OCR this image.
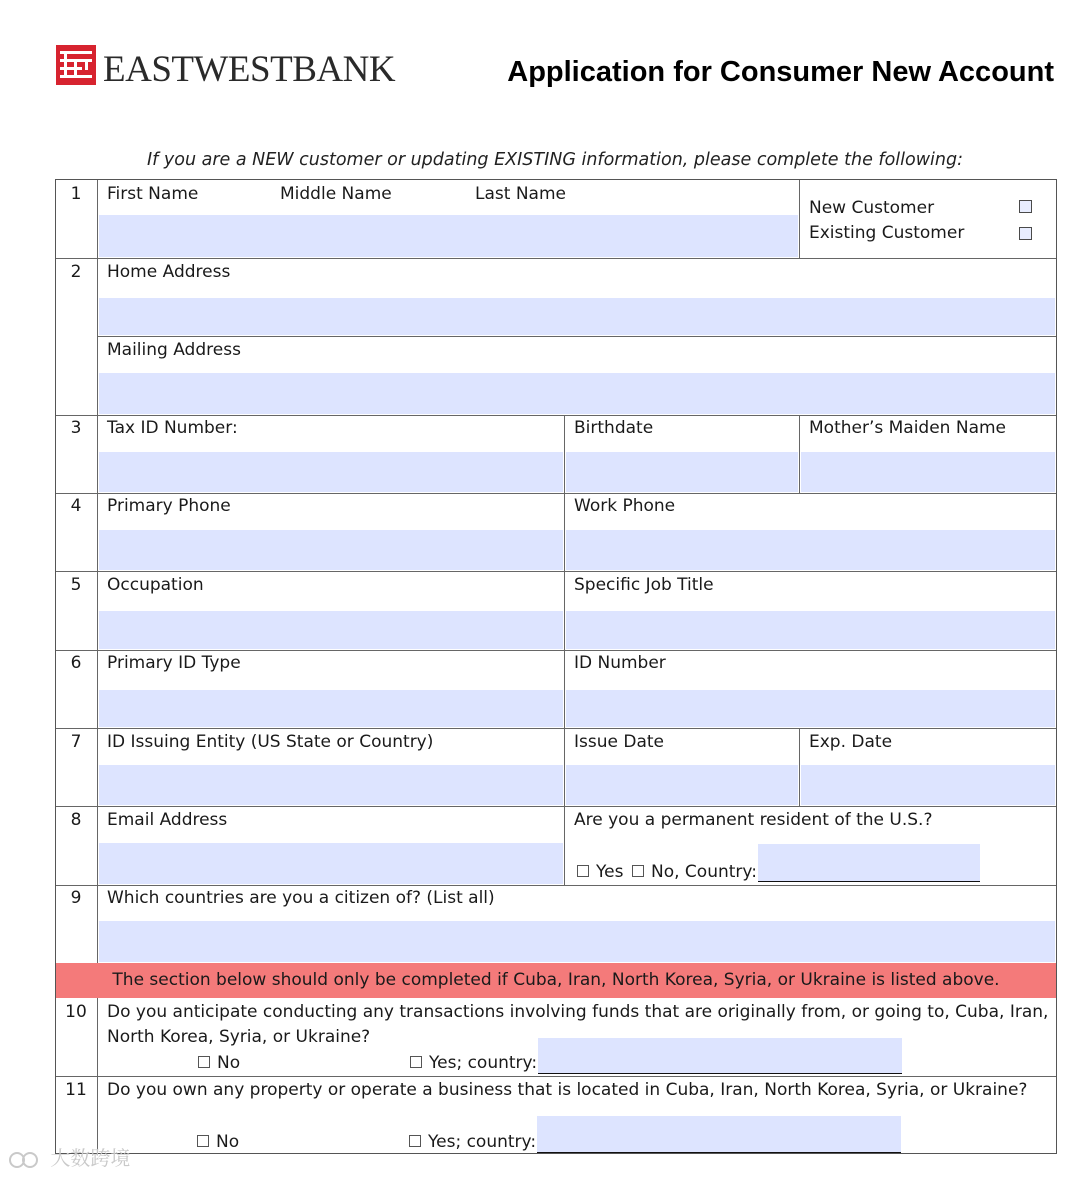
EASTWESTBANK	Application for Consumer New Account
If you are a NEW customer or updating EXISTING information, please complete the following:
1	First Name	Middle Name	Last Name
New Customer
Existing Customer
2	Home Address
Mailing Address
3	Tax ID Number:	Birthdate	Mother’s Maiden Name
4	Primary Phone	Work Phone
5	Occupation	Specific Job Title
6	Primary ID Type	ID Number
7	ID Issuing Entity (US State or Country)	Issue Date	Exp. Date
8	Email Address	Are you a permanent resident of the U.S.?
Yes No, Country:
9	Which countries are you a citizen of? (List all)
The section below should only be completed if Cuba, Iran, North Korea, Syria, or Ukraine is listed above.
10	Do you anticipate conducting any transactions involving funds that are originally from, or going to, Cuba, Iran,
North Korea, Syria, or Ukraine?
No	Yes; country:
11	Do you own any property or operate a business that is located in Cuba, Iran, North Korea, Syria, or Ukraine?
No	Yes; country:
大数跨境
